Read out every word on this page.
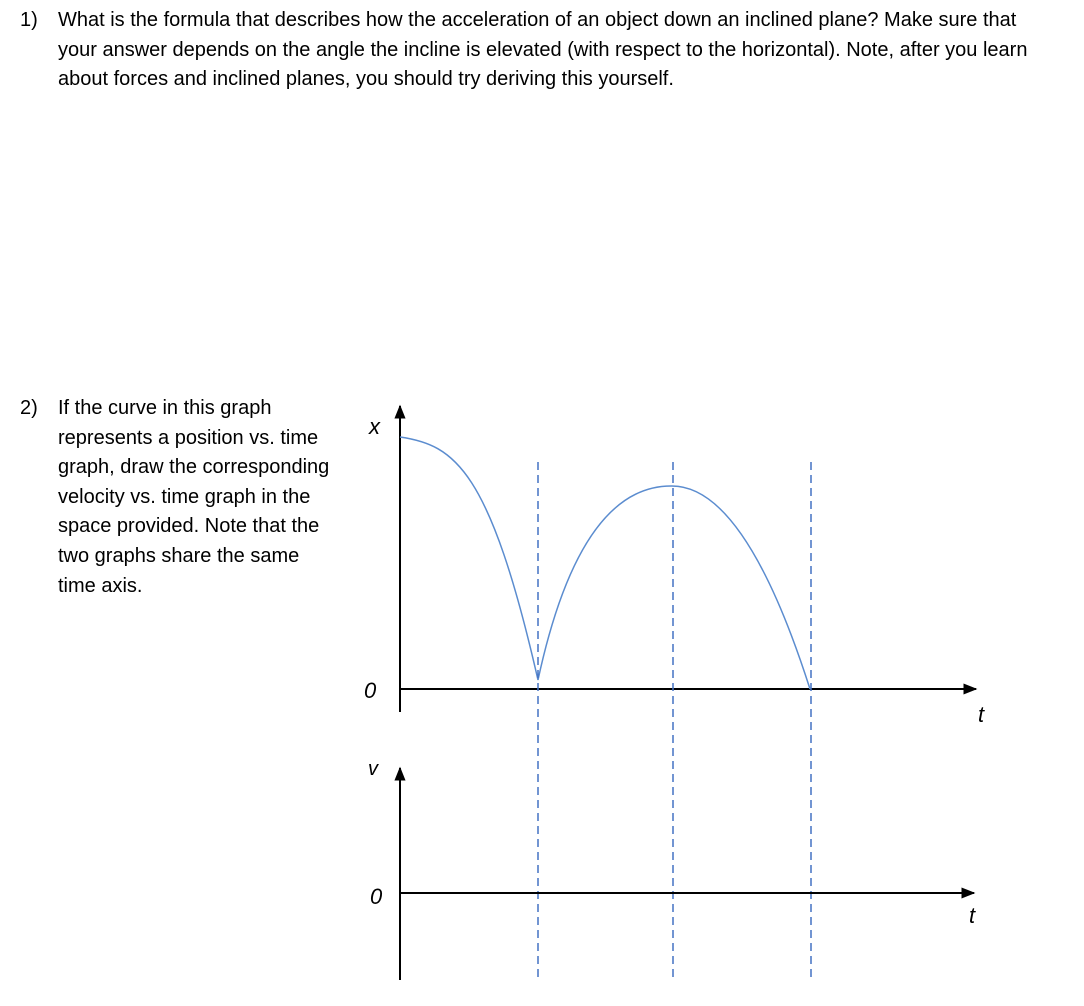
1) What is the formula that describes how the acceleration of an object down an inclined plane? Make sure that your answer depends on the angle the incline is elevated (with respect to the horizontal). Note, after you learn about forces and inclined planes, you should try deriving this yourself.
2) If the curve in this graph represents a position vs. time graph, draw the corresponding velocity vs. time graph in the space provided. Note that the two graphs share the same time axis.
x
0
t
v
0
t
